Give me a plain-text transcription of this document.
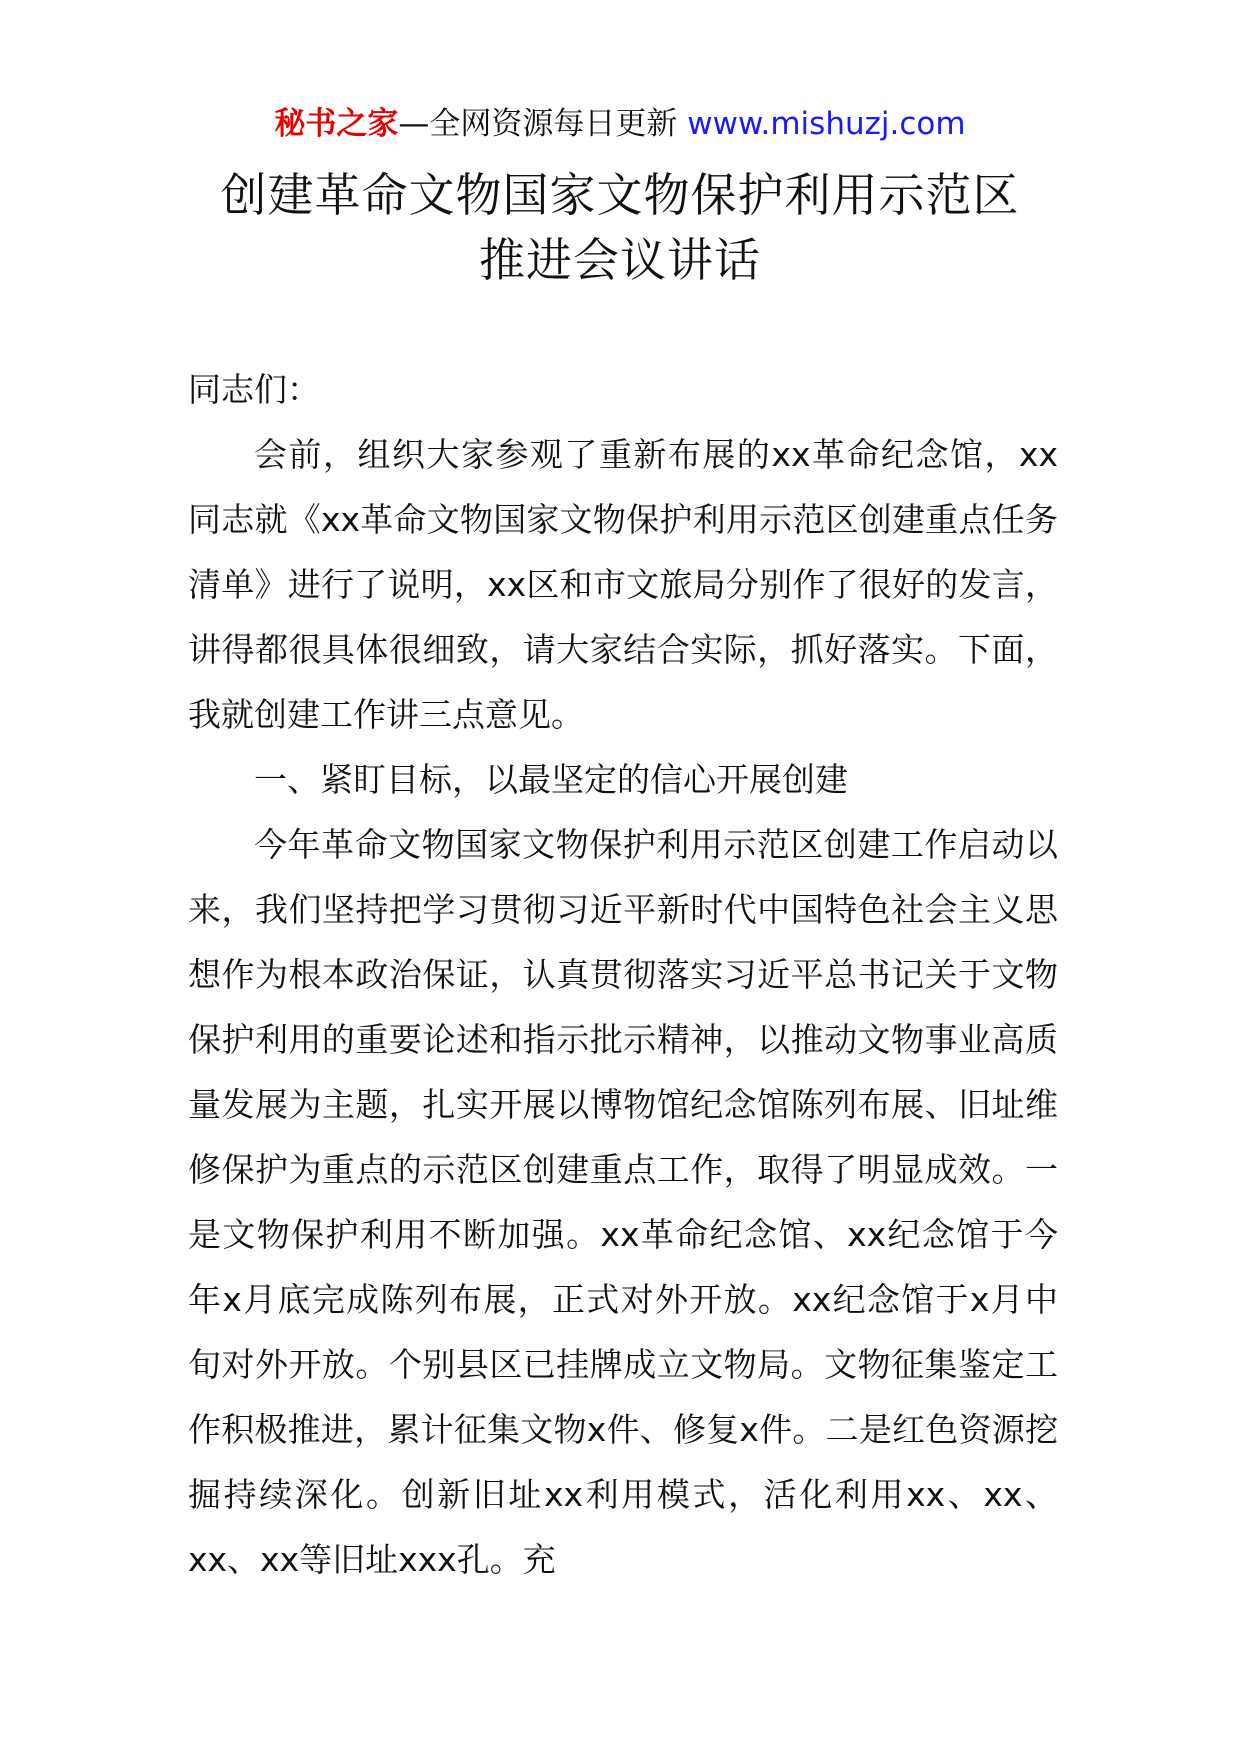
秘书之家—全网资源每日更新 www.mishuzj.com
创建革命文物国家文物保护利用示范区
推进会议讲话

同志们：

会前，组织大家参观了重新布展的xx革命纪念馆，xx同志就《xx革命文物国家文物保护利用示范区创建重点任务清单》进行了说明，xx区和市文旅局分别作了很好的发言，讲得都很具体很细致，请大家结合实际，抓好落实。下面，我就创建工作讲三点意见。

一、紧盯目标，以最坚定的信心开展创建

今年革命文物国家文物保护利用示范区创建工作启动以来，我们坚持把学习贯彻习近平新时代中国特色社会主义思想作为根本政治保证，认真贯彻落实习近平总书记关于文物保护利用的重要论述和指示批示精神，以推动文物事业高质量发展为主题，扎实开展以博物馆纪念馆陈列布展、旧址维修保护为重点的示范区创建重点工作，取得了明显成效。一是文物保护利用不断加强。xx革命纪念馆、xx纪念馆于今年x月底完成陈列布展，正式对外开放。xx纪念馆于x月中旬对外开放。个别县区已挂牌成立文物局。文物征集鉴定工作积极推进，累计征集文物x件、修复x件。二是红色资源挖掘持续深化。创新旧址xx利用模式，活化利用xx、xx、xx、xx等旧址xxx孔。充
